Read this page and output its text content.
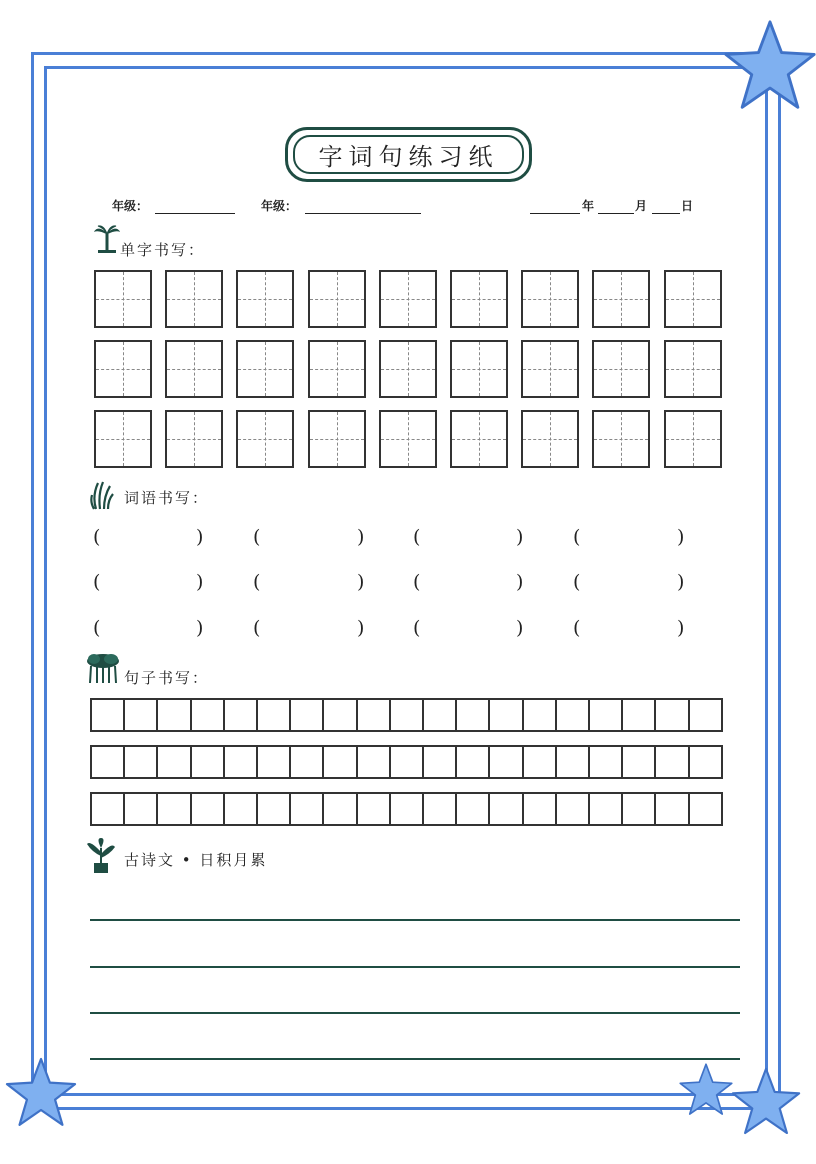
字词句练习纸
年级：	年级：	年	月	日
单字书写：
词语书写：
(	)	(	)	(	)	(	)
(	)	(	)	(	)	(	)
(	)	(	)	(	)	(	)
句子书写：
古诗文 • 日积月累
